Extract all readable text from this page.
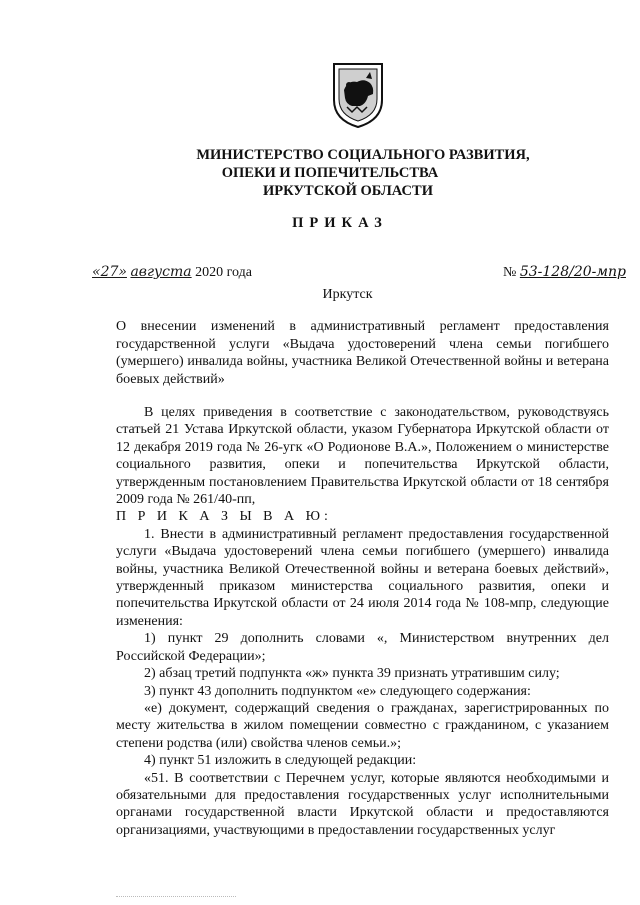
МИНИСТЕРСТВО СОЦИАЛЬНОГО РАЗВИТИЯ,
ОПЕКИ И ПОПЕЧИТЕЛЬСТВА
ИРКУТСКОЙ ОБЛАСТИ
ПРИКАЗ
«27» августа 2020 года	№ 53-128/20-мпр
Иркутск

О внесении изменений в административный регламент предоставления государственной услуги «Выдача удостоверений члена семьи погибшего (умершего) инвалида войны, участника Великой Отечественной войны и ветерана боевых действий»

В целях приведения в соответствие с законодательством, руководствуясь статьей 21 Устава Иркутской области, указом Губернатора Иркутской области от 12 декабря 2019 года № 26-угк «О Родионове В.А.», Положением о министерстве социального развития, опеки и попечительства Иркутской области, утвержденным постановлением Правительства Иркутской области от 18 сентября 2009 года № 261/40-пп,

П Р И К А З Ы В А Ю:

1. Внести в административный регламент предоставления государственной услуги «Выдача удостоверений члена семьи погибшего (умершего) инвалида войны, участника Великой Отечественной войны и ветерана боевых действий», утвержденный приказом министерства социального развития, опеки и попечительства Иркутской области от 24 июля 2014 года № 108-мпр, следующие изменения:

1) пункт 29 дополнить словами «, Министерством внутренних дел Российской Федерации»;

2) абзац третий подпункта «ж» пункта 39 признать утратившим силу;

3) пункт 43 дополнить подпунктом «е» следующего содержания:

«е) документ, содержащий сведения о гражданах, зарегистрированных по месту жительства в жилом помещении совместно с гражданином, с указанием степени родства (или) свойства членов семьи.»;

4) пункт 51 изложить в следующей редакции:

«51. В соответствии с Перечнем услуг, которые являются необходимыми и обязательными для предоставления государственных услуг исполнительными органами государственной власти Иркутской области и предоставляются организациями, участвующими в предоставлении государственных услуг
